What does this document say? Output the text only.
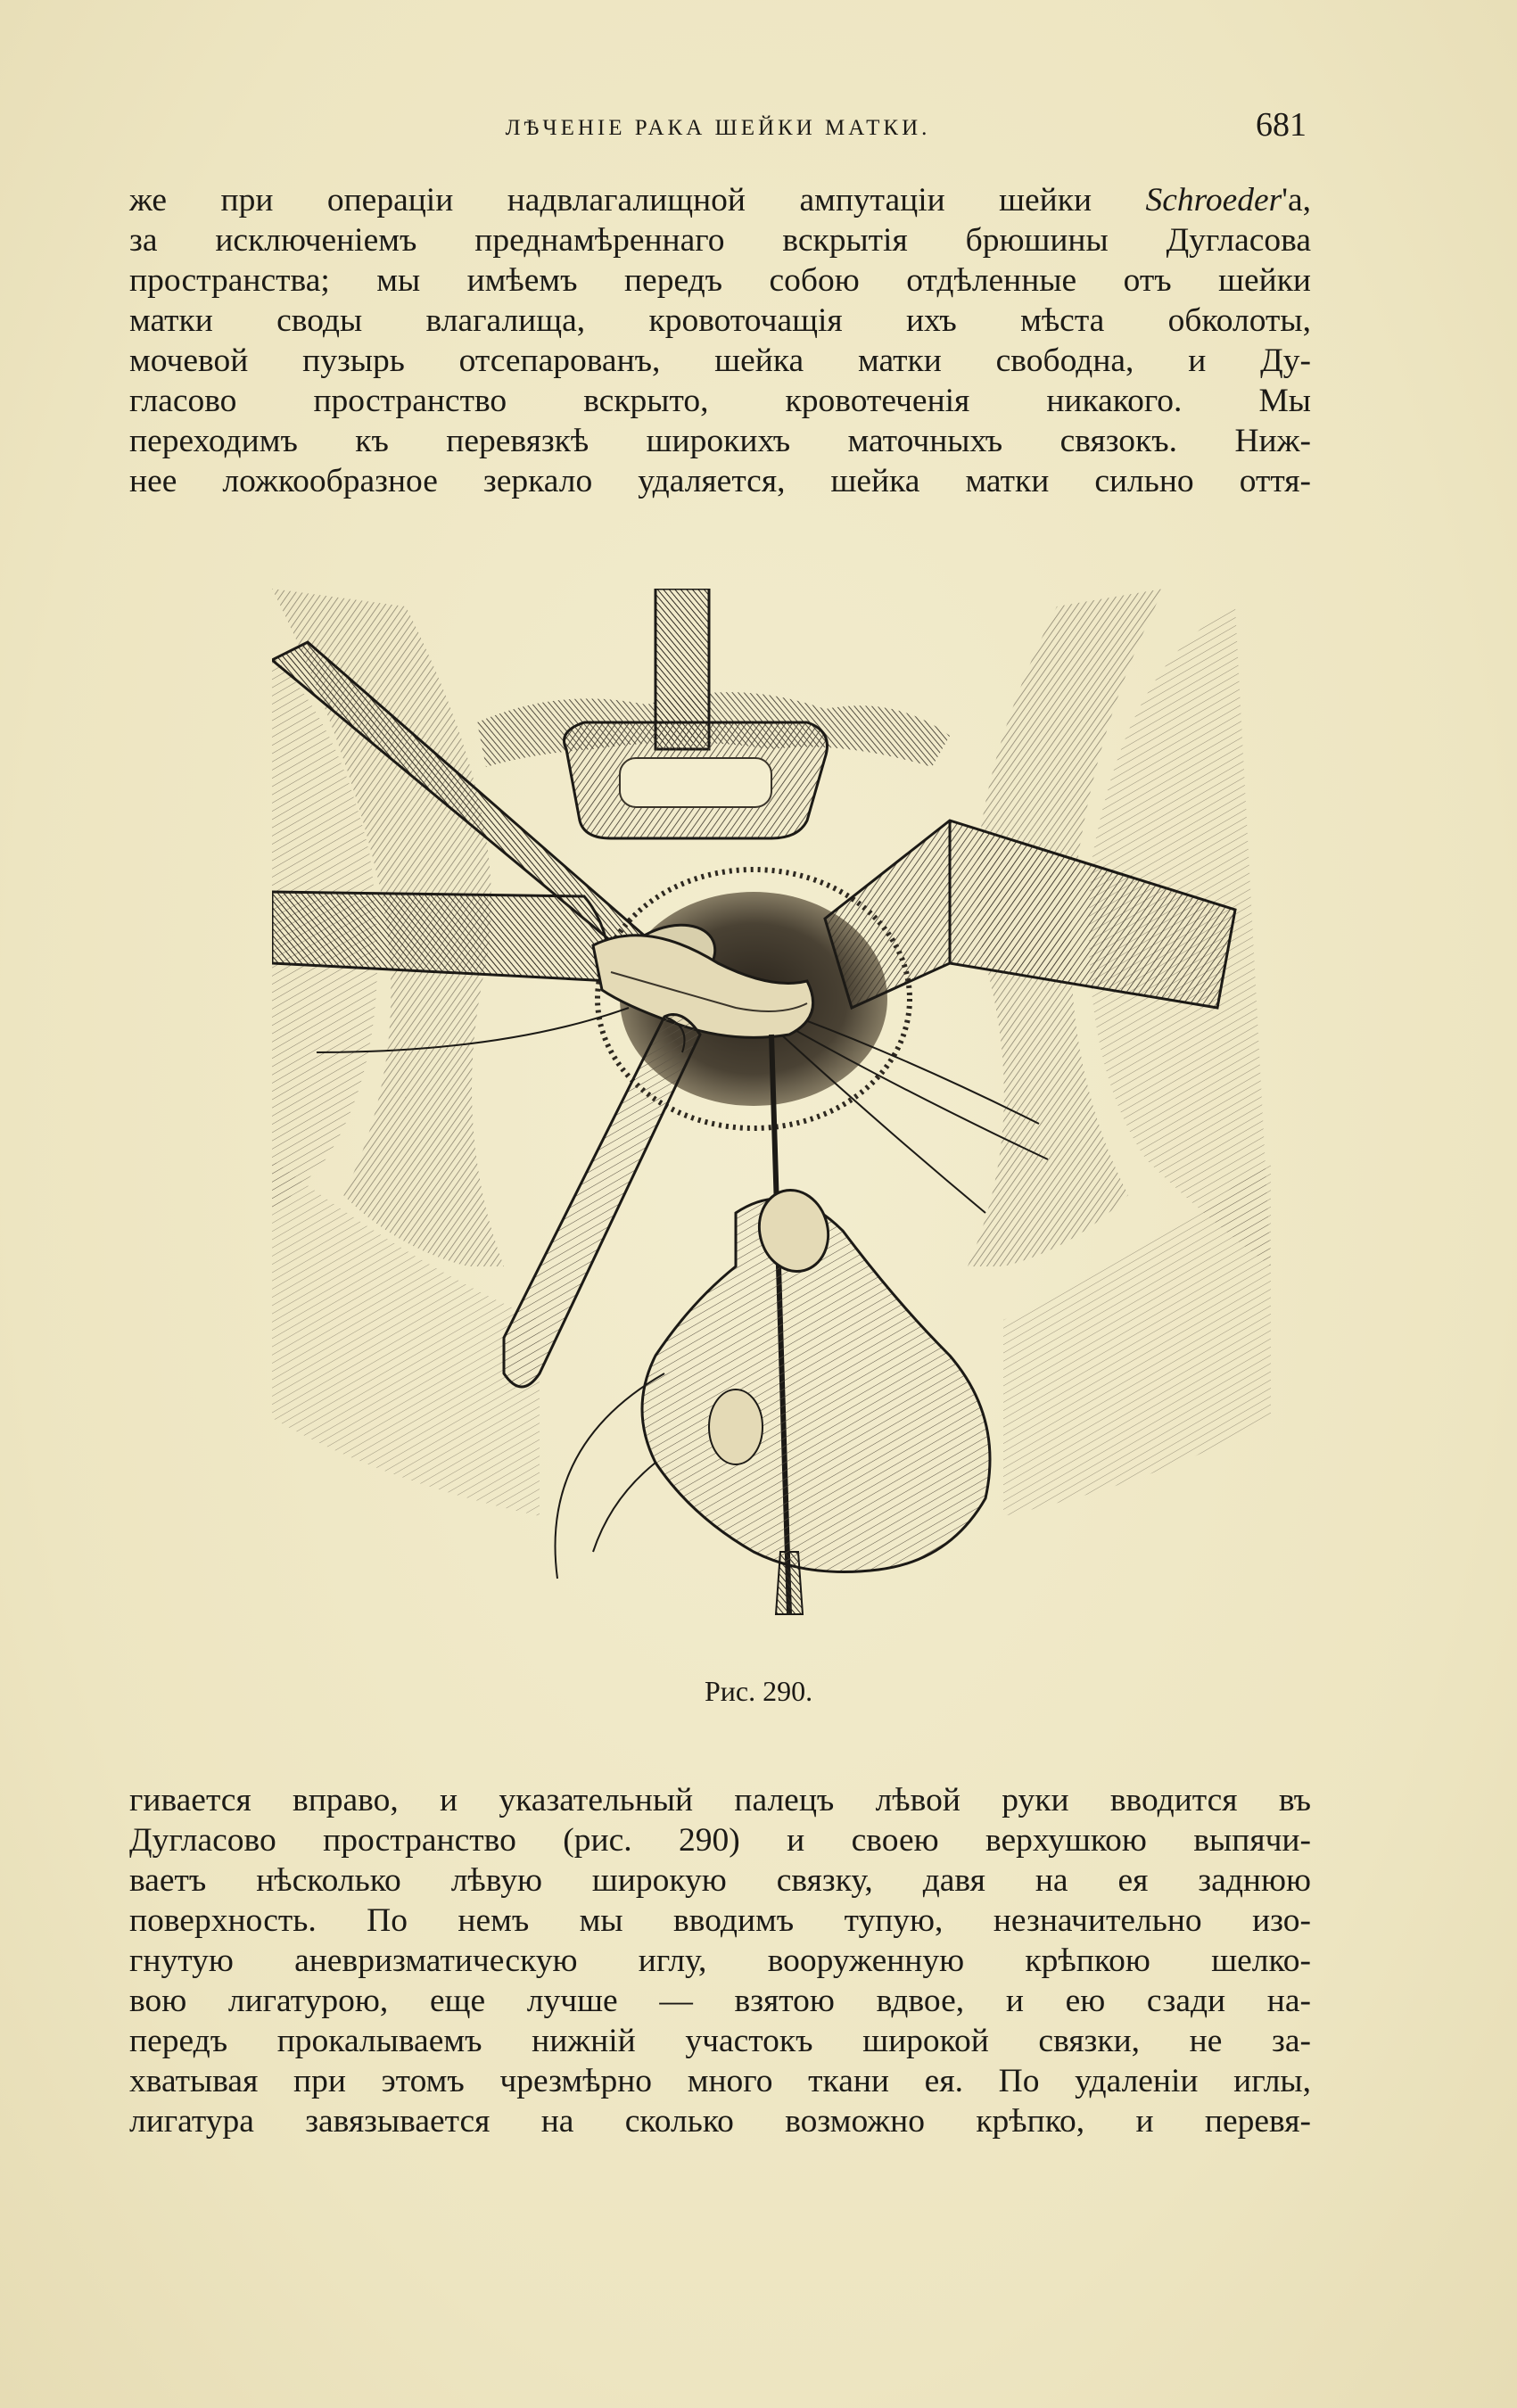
ЛѢЧЕНІЕ РАКА ШЕЙКИ МАТКИ.	681
же при операціи надвлагалищной ампутаціи шейки Schroeder'а,
за исключеніемъ преднамѣреннаго вскрытія брюшины Дугласова
пространства; мы имѣемъ передъ собою отдѣленные отъ шейки
матки своды влагалища, кровоточащія ихъ мѣста обколоты,
мочевой пузырь отсепарованъ, шейка матки свободна, и Ду-
гласово пространство вскрыто, кровотеченія никакого. Мы
переходимъ къ перевязкѣ широкихъ маточныхъ связокъ. Ниж-
нее ложкообразное зеркало удаляется, шейка матки сильно оття-
Рис. 290.
гивается вправо, и указательный палецъ лѣвой руки вводится въ
Дугласово пространство (рис. 290) и своею верхушкою выпячи-
ваетъ нѣсколько лѣвую широкую связку, давя на ея заднюю
поверхность. По немъ мы вводимъ тупую, незначительно изо-
гнутую аневризматическую иглу, вооруженную крѣпкою шелко-
вою лигатурою, еще лучше — взятою вдвое, и ею сзади на-
передъ прокалываемъ нижній участокъ широкой связки, не за-
хватывая при этомъ чрезмѣрно много ткани ея. По удаленіи иглы,
лигатура завязывается на сколько возможно крѣпко, и перевя-
